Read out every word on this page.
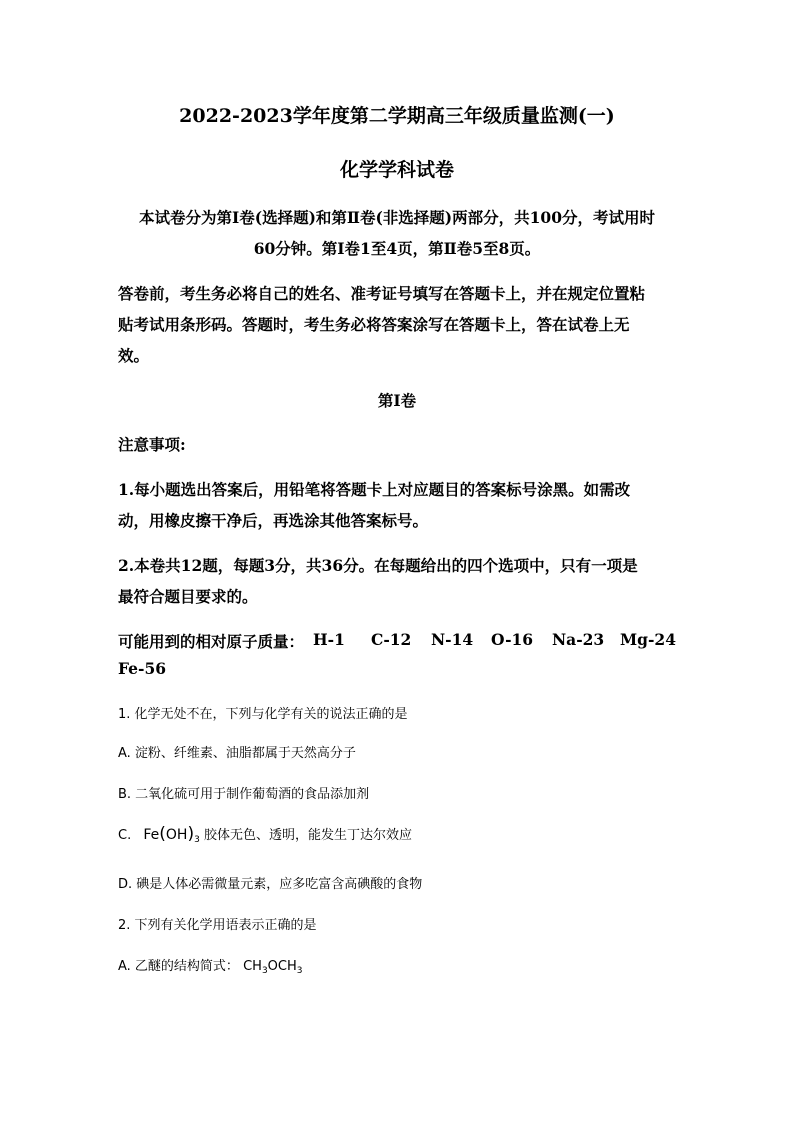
2022-2023学年度第二学期高三年级质量监测(一)
化学学科试卷
本试卷分为第Ⅰ卷(选择题)和第Ⅱ卷(非选择题)两部分，共100分，考试用时
60分钟。第Ⅰ卷1至4页，第Ⅱ卷5至8页。
答卷前，考生务必将自己的姓名、准考证号填写在答题卡上，并在规定位置粘
贴考试用条形码。答题时，考生务必将答案涂写在答题卡上，答在试卷上无
效。
第Ⅰ卷
注意事项:
1.每小题选出答案后，用铅笔将答题卡上对应题目的答案标号涂黑。如需改
动，用橡皮擦干净后，再选涂其他答案标号。
2.本卷共12题，每题3分，共36分。在每题给出的四个选项中，只有一项是
最符合题目要求的。
可能用到的相对原子质量： H-1 C-12 N-14 O-16 Na-23 Mg-24
Fe-56
1. 化学无处不在，下列与化学有关的说法正确的是
A. 淀粉、纤维素、油脂都属于天然高分子
B. 二氧化硫可用于制作葡萄酒的食品添加剂
C. $Fe(OH)_3$ 胶体无色、透明，能发生丁达尔效应
D. 碘是人体必需微量元素，应多吃富含高碘酸的食物
2. 下列有关化学用语表示正确的是
A. 乙醚的结构简式： $CH_3OCH_3$
